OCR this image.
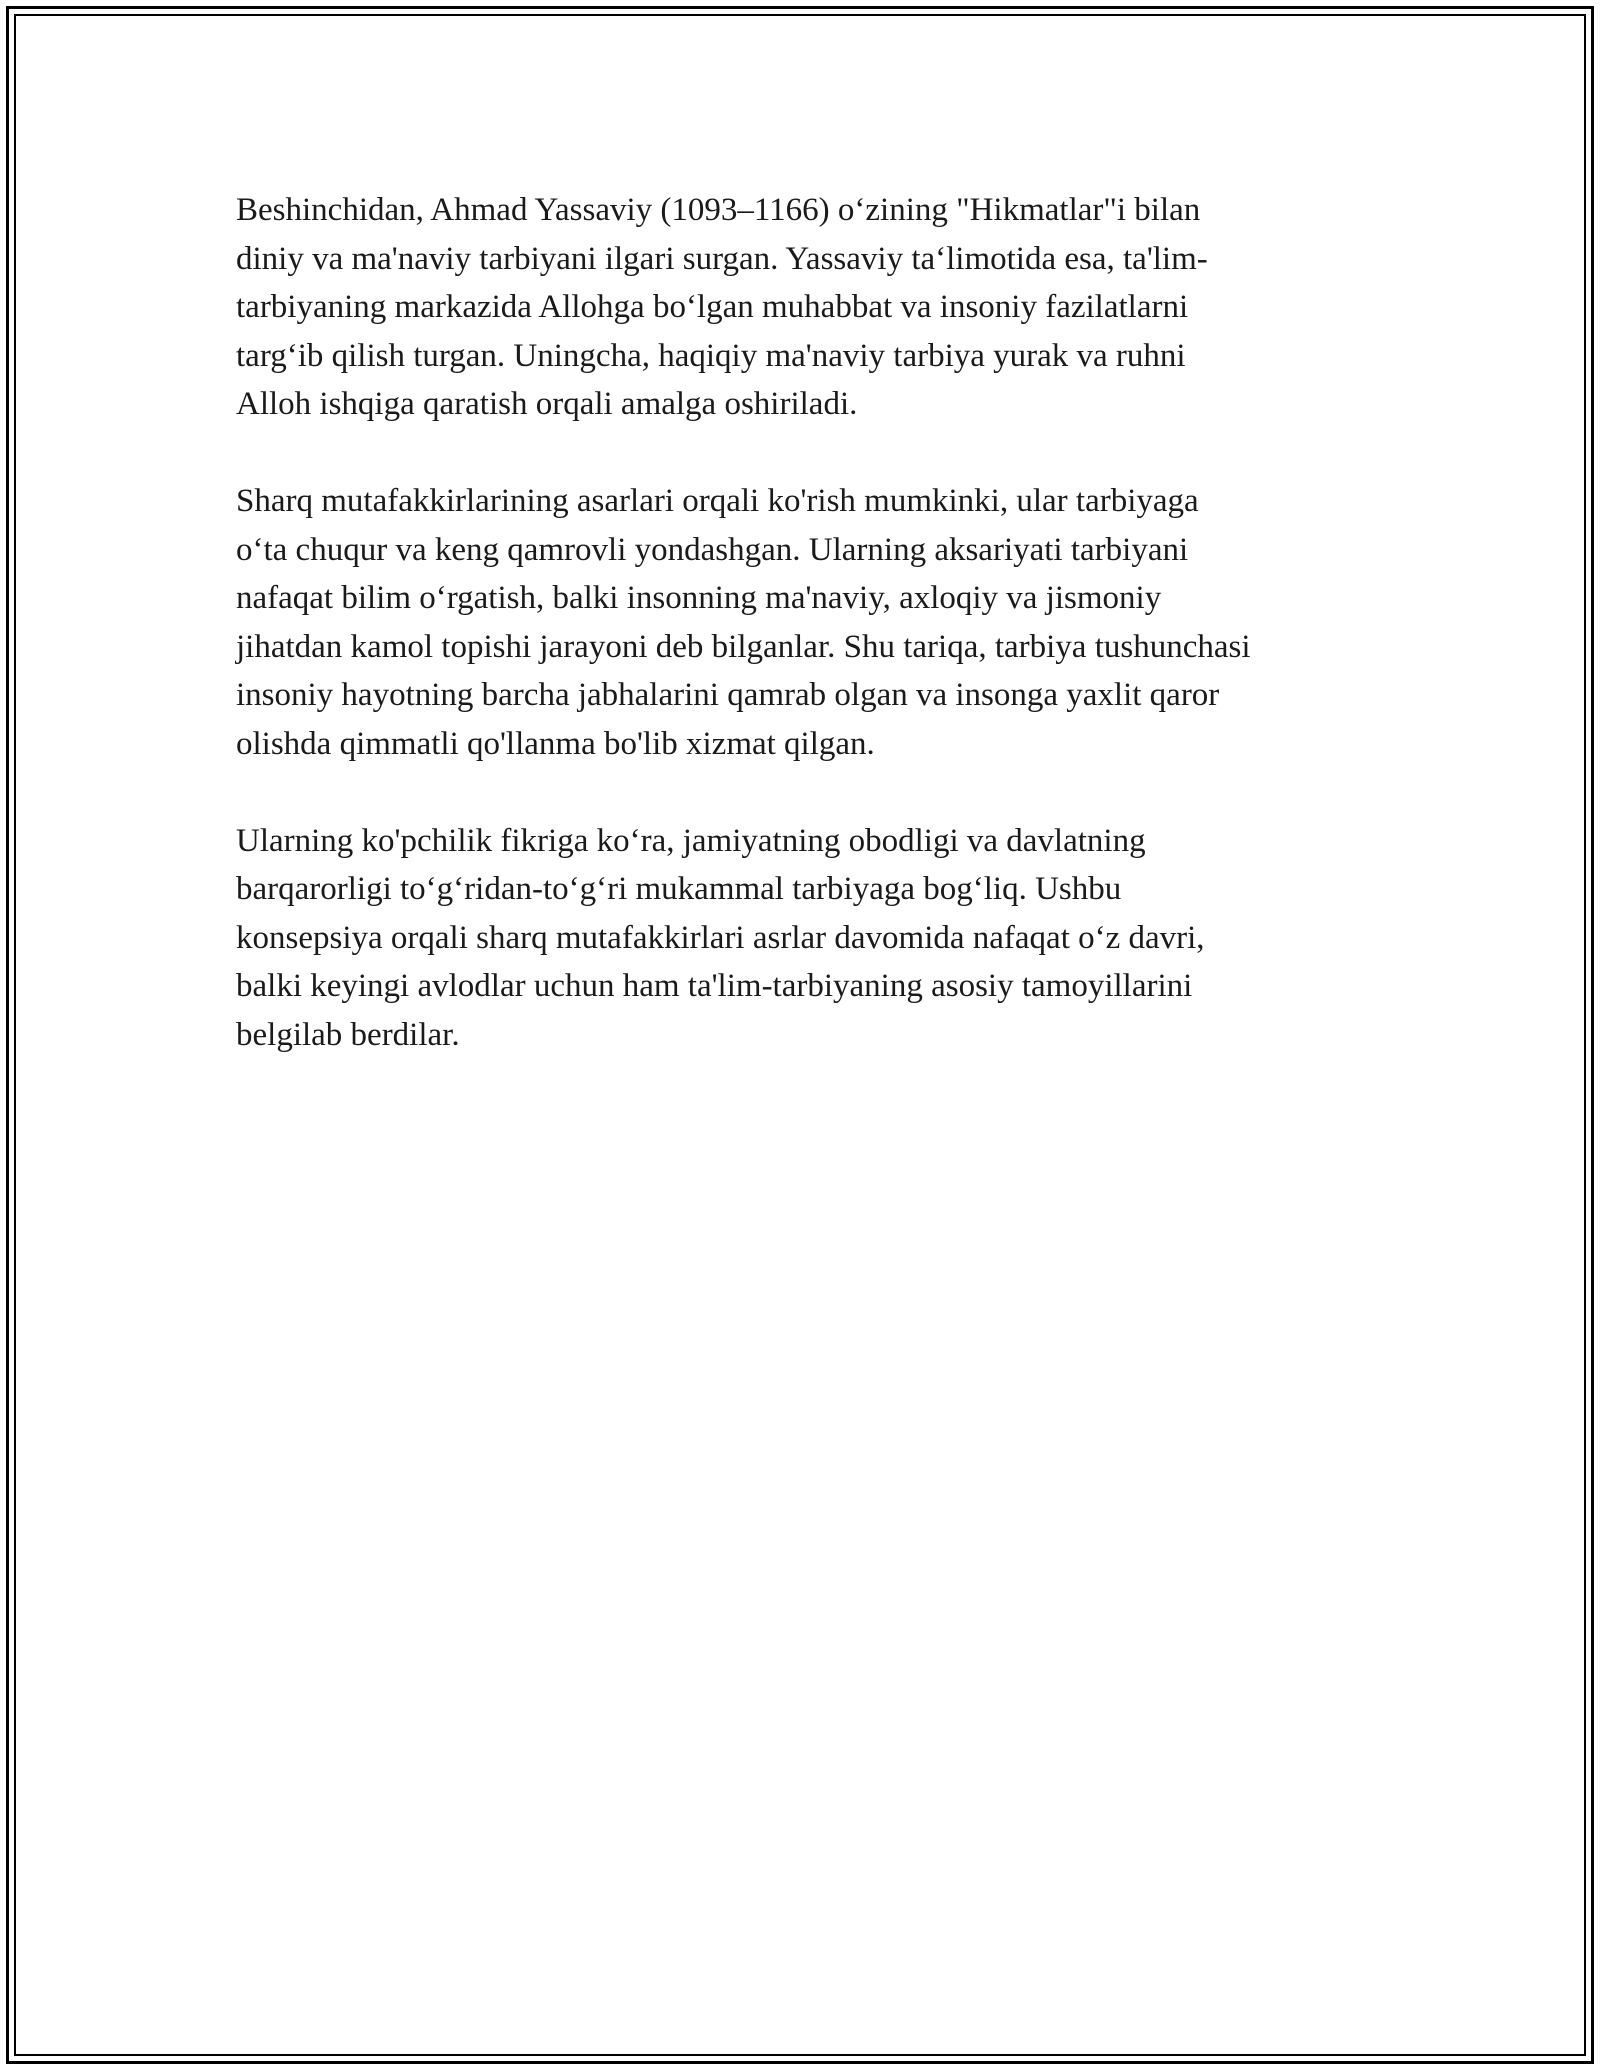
Beshinchidan, Ahmad Yassaviy (1093–1166) o‘zining "Hikmatlar"i bilan
diniy va ma'naviy tarbiyani ilgari surgan. Yassaviy ta‘limotida esa, ta'lim-
tarbiyaning markazida Allohga bo‘lgan muhabbat va insoniy fazilatlarni
targ‘ib qilish turgan. Uningcha, haqiqiy ma'naviy tarbiya yurak va ruhni
Alloh ishqiga qaratish orqali amalga oshiriladi.

Sharq mutafakkirlarining asarlari orqali ko'rish mumkinki, ular tarbiyaga
o‘ta chuqur va keng qamrovli yondashgan. Ularning aksariyati tarbiyani
nafaqat bilim o‘rgatish, balki insonning ma'naviy, axloqiy va jismoniy
jihatdan kamol topishi jarayoni deb bilganlar. Shu tariqa, tarbiya tushunchasi
insoniy hayotning barcha jabhalarini qamrab olgan va insonga yaxlit qaror
olishda qimmatli qo'llanma bo'lib xizmat qilgan.

Ularning ko'pchilik fikriga ko‘ra, jamiyatning obodligi va davlatning
barqarorligi to‘g‘ridan-to‘g‘ri mukammal tarbiyaga bog‘liq. Ushbu
konsepsiya orqali sharq mutafakkirlari asrlar davomida nafaqat o‘z davri,
balki keyingi avlodlar uchun ham ta'lim-tarbiyaning asosiy tamoyillarini
belgilab berdilar.
